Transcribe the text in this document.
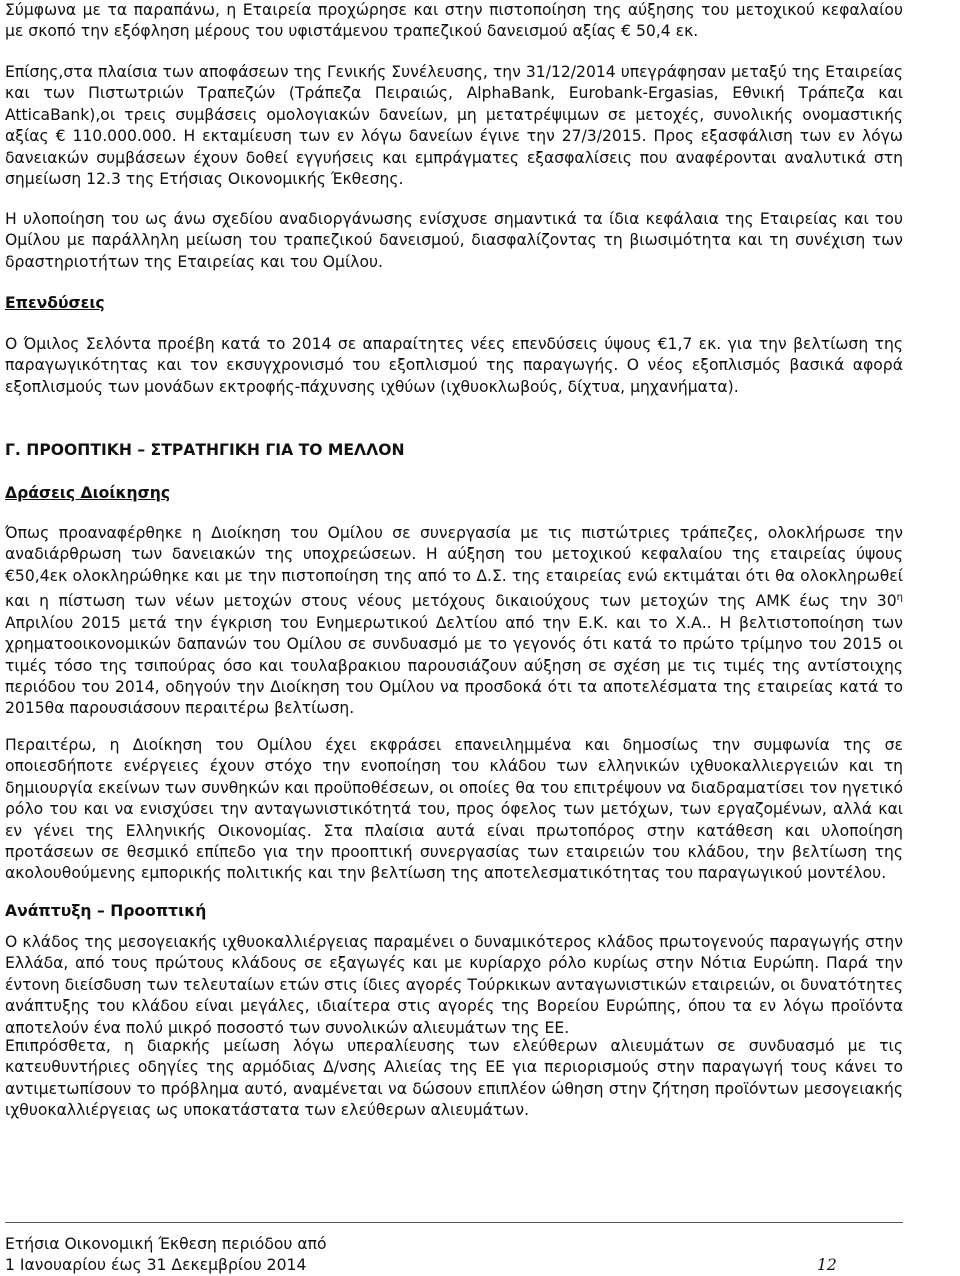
Σύμφωνα με τα παραπάνω, η Εταιρεία προχώρησε και στην πιστοποίηση της αύξησης του μετοχικού κεφαλαίου με σκοπό την εξόφληση μέρους του υφιστάμενου τραπεζικού δανεισμού αξίας € 50,4 εκ.

Επίσης,στα πλαίσια των αποφάσεων της Γενικής Συνέλευσης, την 31/12/2014 υπεγράφησαν μεταξύ της Εταιρείας και των Πιστωτριών Τραπεζών (Τράπεζα Πειραιώς, AlphaBank, Eurobank-Ergasias, Εθνική Τράπεζα και AtticaBank),οι τρεις συμβάσεις ομολογιακών δανείων, μη μετατρέψιμων σε μετοχές, συνολικής ονομαστικής αξίας € 110.000.000. Η εκταμίευση των εν λόγω δανείων έγινε την 27/3/2015. Προς εξασφάλιση των εν λόγω δανειακών συμβάσεων έχουν δοθεί εγγυήσεις και εμπράγματες εξασφαλίσεις που αναφέρονται αναλυτικά στη σημείωση 12.3 της Ετήσιας Οικονομικής Έκθεσης.

Η υλοποίηση του ως άνω σχεδίου αναδιοργάνωσης ενίσχυσε σημαντικά τα ίδια κεφάλαια της Εταιρείας και του Ομίλου με παράλληλη μείωση του τραπεζικού δανεισμού, διασφαλίζοντας τη βιωσιμότητα και τη συνέχιση των δραστηριοτήτων της Εταιρείας και του Ομίλου.

Επενδύσεις

Ο Όμιλος Σελόντα προέβη κατά το 2014 σε απαραίτητες νέες επενδύσεις ύψους €1,7 εκ. για την βελτίωση της παραγωγικότητας και τον εκσυγχρονισμό του εξοπλισμού της παραγωγής. Ο νέος εξοπλισμός βασικά αφορά εξοπλισμούς των μονάδων εκτροφής-πάχυνσης ιχθύων (ιχθυοκλωβούς, δίχτυα, μηχανήματα).

Γ. ΠΡΟΟΠΤΙΚΗ – ΣΤΡΑΤΗΓΙΚΗ ΓΙΑ ΤΟ ΜΕΛΛΟΝ
Δράσεις Διοίκησης

Όπως προαναφέρθηκε η Διοίκηση του Ομίλου σε συνεργασία με τις πιστώτριες τράπεζες, ολοκλήρωσε την αναδιάρθρωση των δανειακών της υποχρεώσεων. Η αύξηση του μετοχικού κεφαλαίου της εταιρείας ύψους €50,4εκ ολοκληρώθηκε και με την πιστοποίηση της από το Δ.Σ. της εταιρείας ενώ εκτιμάται ότι θα ολοκληρωθεί και η πίστωση των νέων μετοχών στους νέους μετόχους δικαιούχους των μετοχών της ΑΜΚ έως την $30^\eta$ Απριλίου 2015 μετά την έγκριση του Ενημερωτικού Δελτίου από την Ε.Κ. και το Χ.Α.. Η βελτιστοποίηση των χρηματοοικονομικών δαπανών του Ομίλου σε συνδυασμό με το γεγονός ότι κατά το πρώτο τρίμηνο του 2015 οι τιμές τόσο της τσιπούρας όσο και τουλαβρακιου παρουσιάζουν αύξηση σε σχέση με τις τιμές της αντίστοιχης περιόδου του 2014, οδηγούν την Διοίκηση του Ομίλου να προσδοκά ότι τα αποτελέσματα της εταιρείας κατά το 2015θα παρουσιάσουν περαιτέρω βελτίωση.

Περαιτέρω, η Διοίκηση του Ομίλου έχει εκφράσει επανειλημμένα και δημοσίως την συμφωνία της σε οποιεσδήποτε ενέργειες έχουν στόχο την ενοποίηση του κλάδου των ελληνικών ιχθυοκαλλιεργειών και τη δημιουργία εκείνων των συνθηκών και προϋποθέσεων, οι οποίες θα του επιτρέψουν να διαδραματίσει τον ηγετικό ρόλο του και να ενισχύσει την ανταγωνιστικότητά του, προς όφελος των μετόχων, των εργαζομένων, αλλά και εν γένει της Ελληνικής Οικονομίας. Στα πλαίσια αυτά είναι πρωτοπόρος στην κατάθεση και υλοποίηση προτάσεων σε θεσμικό επίπεδο για την προοπτική συνεργασίας των εταιρειών του κλάδου, την βελτίωση της ακολουθούμενης εμπορικής πολιτικής και την βελτίωση της αποτελεσματικότητας του παραγωγικού μοντέλου.

Ανάπτυξη – Προοπτική

Ο κλάδος της μεσογειακής ιχθυοκαλλιέργειας παραμένει ο δυναμικότερος κλάδος πρωτογενούς παραγωγής στην Ελλάδα, από τους πρώτους κλάδους σε εξαγωγές και με κυρίαρχο ρόλο κυρίως στην Νότια Ευρώπη. Παρά την έντονη διείσδυση των τελευταίων ετών στις ίδιες αγορές Τούρκικων ανταγωνιστικών εταιρειών, οι δυνατότητες ανάπτυξης του κλάδου είναι μεγάλες, ιδιαίτερα στις αγορές της Βορείου Ευρώπης, όπου τα εν λόγω προϊόντα αποτελούν ένα πολύ μικρό ποσοστό των συνολικών αλιευμάτων της ΕΕ.

Επιπρόσθετα, η διαρκής μείωση λόγω υπεραλίευσης των ελεύθερων αλιευμάτων σε συνδυασμό με τις κατευθυντήριες οδηγίες της αρμόδιας Δ/νσης Αλιείας της ΕΕ για περιορισμούς στην παραγωγή τους κάνει το αντιμετωπίσουν το πρόβλημα αυτό, αναμένεται να δώσουν επιπλέον ώθηση στην ζήτηση προϊόντων μεσογειακής ιχθυοκαλλιέργειας ως υποκατάστατα των ελεύθερων αλιευμάτων.

Ετήσια Οικονομική Έκθεση περιόδου από
1 Ιανουαρίου έως 31 Δεκεμβρίου 2014	12
